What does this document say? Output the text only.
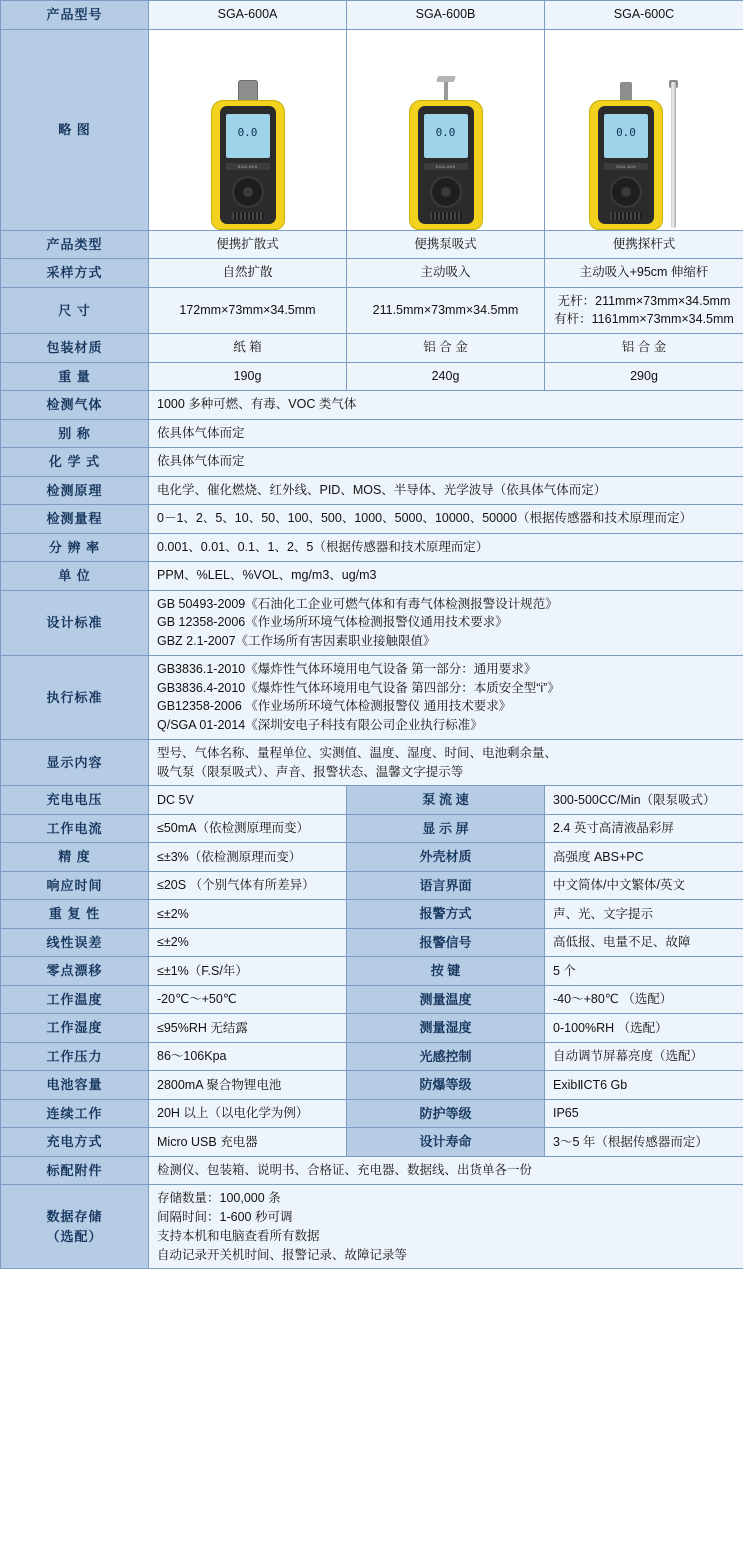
产品型号	SGA-600A	SGA-600B	SGA-600C
略 图	0.0
SGA-600

0.0
SGA-600

0.0
SGA-600

产品类型	便携扩散式	便携泵吸式	便携探杆式
采样方式	自然扩散	主动吸入	主动吸入+95cm 伸缩杆
尺 寸	172mm×73mm×34.5mm	211.5mm×73mm×34.5mm	无杆：211mm×73mm×34.5mm
有杆：1161mm×73mm×34.5mm
包装材质	纸 箱	铝 合 金	铝 合 金
重 量	190g	240g	290g
检测气体	1000 多种可燃、有毒、VOC 类气体		
别 称	依具体气体而定		
化 学 式	依具体气体而定		
检测原理	电化学、催化燃烧、红外线、PID、MOS、半导体、光学波导（依具体气体而定）		
检测量程	0－1、2、5、10、50、100、500、1000、5000、10000、50000（根据传感器和技术原理而定）		
分 辨 率	0.001、0.01、0.1、1、2、5（根据传感器和技术原理而定）		
单 位	PPM、%LEL、%VOL、mg/m3、ug/m3		
设计标准	GB 50493-2009《石油化工企业可燃气体和有毒气体检测报警设计规范》
GB 12358-2006《作业场所环境气体检测报警仪通用技术要求》
GBZ 2.1-2007《工作场所有害因素职业接触限值》		
执行标准	GB3836.1-2010《爆炸性气体环境用电气设备 第一部分：通用要求》
GB3836.4-2010《爆炸性气体环境用电气设备 第四部分：本质安全型“i”》
GB12358-2006 《作业场所环境气体检测报警仪 通用技术要求》
Q/SGA 01-2014《深圳安电子科技有限公司企业执行标准》		
显示内容	型号、气体名称、量程单位、实测值、温度、湿度、时间、电池剩余量、
吸气泵（限泵吸式）、声音、报警状态、温馨文字提示等		
充电电压	DC 5V	泵 流 速	300-500CC/Min（限泵吸式）
工作电流	≤50mA（依检测原理而变）	显 示 屏	2.4 英寸高清液晶彩屏
精 度	≤±3%（依检测原理而变）	外壳材质	高强度 ABS+PC
响应时间	≤20S （个别气体有所差异）	语言界面	中文简体/中文繁体/英文
重 复 性	≤±2%	报警方式	声、光、文字提示
线性误差	≤±2%	报警信号	高低报、电量不足、故障
零点漂移	≤±1%（F.S/年）	按 键	5 个
工作温度	-20℃〜+50℃	测量温度	-40〜+80℃ （选配）
工作湿度	≤95%RH 无结露	测量湿度	0-100%RH （选配）
工作压力	86〜106Kpa	光感控制	自动调节屏幕亮度（选配）
电池容量	2800mA 聚合物锂电池	防爆等级	ExibⅡCT6 Gb
连续工作	20H 以上（以电化学为例）	防护等级	IP65
充电方式	Micro USB 充电器	设计寿命	3〜5 年（根据传感器而定）
标配附件	检测仪、包装箱、说明书、合格证、充电器、数据线、出货单各一份		
数据存储
（选配）	存储数量：100,000 条
间隔时间：1-600 秒可调
支持本机和电脑查看所有数据
自动记录开关机时间、报警记录、故障记录等		
